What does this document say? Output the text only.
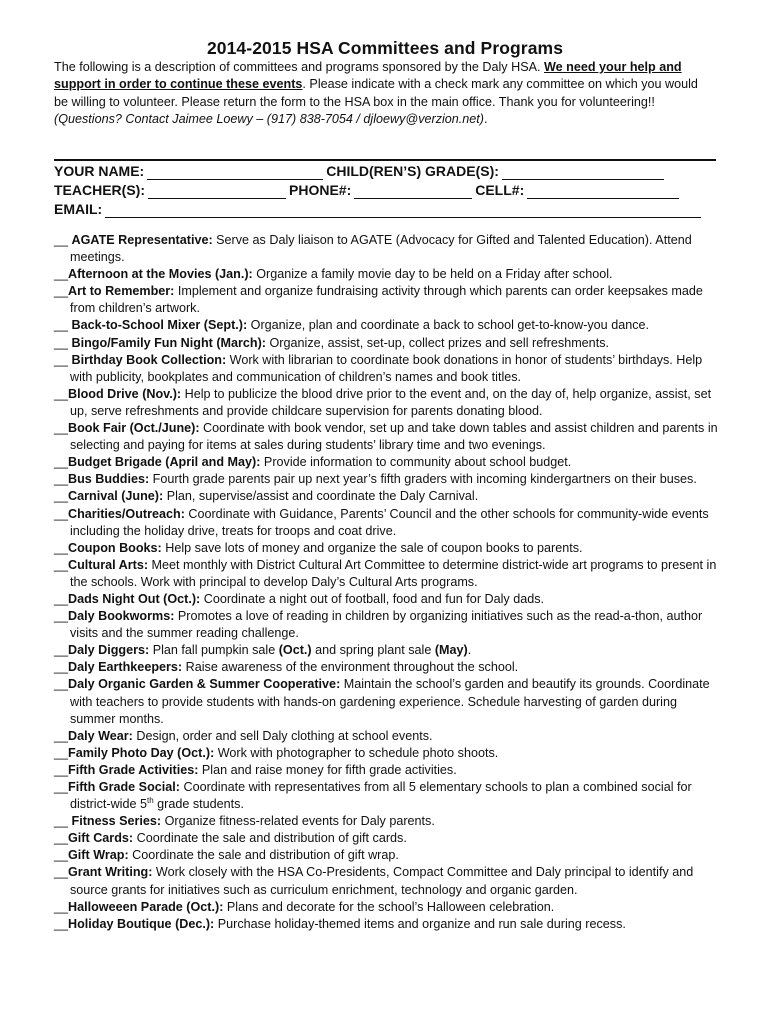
2014-2015 HSA Committees and Programs
The following is a description of committees and programs sponsored by the Daly HSA. We need your help and support in order to continue these events. Please indicate with a check mark any committee on which you would be willing to volunteer. Please return the form to the HSA box in the main office. Thank you for volunteering!! (Questions? Contact Jaimee Loewy – (917) 838-7054 / djloewy@verzion.net).
YOUR NAME:	CHILD(REN’S) GRADE(S):
TEACHER(S):	PHONE#:	CELL#:
EMAIL:
__ AGATE Representative: Serve as Daly liaison to AGATE (Advocacy for Gifted and Talented Education). Attend meetings.
__Afternoon at the Movies (Jan.): Organize a family movie day to be held on a Friday after school.
__Art to Remember: Implement and organize fundraising activity through which parents can order keepsakes made from children’s artwork.
__ Back-to-School Mixer (Sept.): Organize, plan and coordinate a back to school get-to-know-you dance.
__ Bingo/Family Fun Night (March): Organize, assist, set-up, collect prizes and sell refreshments.
__ Birthday Book Collection: Work with librarian to coordinate book donations in honor of students’ birthdays. Help with publicity, bookplates and communication of children’s names and book titles.
__Blood Drive (Nov.): Help to publicize the blood drive prior to the event and, on the day of, help organize, assist, set up, serve refreshments and provide childcare supervision for parents donating blood.
__Book Fair (Oct./June): Coordinate with book vendor, set up and take down tables and assist children and parents in selecting and paying for items at sales during students’ library time and two evenings.
__Budget Brigade (April and May): Provide information to community about school budget.
__Bus Buddies: Fourth grade parents pair up next year’s fifth graders with incoming kindergartners on their buses.
__Carnival (June): Plan, supervise/assist and coordinate the Daly Carnival.
__Charities/Outreach: Coordinate with Guidance, Parents’ Council and the other schools for community-wide events including the holiday drive, treats for troops and coat drive.
__Coupon Books: Help save lots of money and organize the sale of coupon books to parents.
__Cultural Arts: Meet monthly with District Cultural Art Committee to determine district-wide art programs to present in the schools. Work with principal to develop Daly’s Cultural Arts programs.
__Dads Night Out (Oct.): Coordinate a night out of football, food and fun for Daly dads.
__Daly Bookworms: Promotes a love of reading in children by organizing initiatives such as the read-a-thon, author visits and the summer reading challenge.
__Daly Diggers: Plan fall pumpkin sale (Oct.) and spring plant sale (May).
__Daly Earthkeepers: Raise awareness of the environment throughout the school.
__Daly Organic Garden & Summer Cooperative: Maintain the school’s garden and beautify its grounds. Coordinate with teachers to provide students with hands-on gardening experience. Schedule harvesting of garden during summer months.
__Daly Wear: Design, order and sell Daly clothing at school events.
__Family Photo Day (Oct.): Work with photographer to schedule photo shoots.
__Fifth Grade Activities: Plan and raise money for fifth grade activities.
__Fifth Grade Social: Coordinate with representatives from all 5 elementary schools to plan a combined social for district-wide 5th grade students.
__ Fitness Series: Organize fitness-related events for Daly parents.
__Gift Cards: Coordinate the sale and distribution of gift cards.
__Gift Wrap: Coordinate the sale and distribution of gift wrap.
__Grant Writing: Work closely with the HSA Co-Presidents, Compact Committee and Daly principal to identify and source grants for initiatives such as curriculum enrichment, technology and organic garden.
__Halloweeen Parade (Oct.): Plans and decorate for the school’s Halloween celebration.
__Holiday Boutique (Dec.): Purchase holiday-themed items and organize and run sale during recess.
